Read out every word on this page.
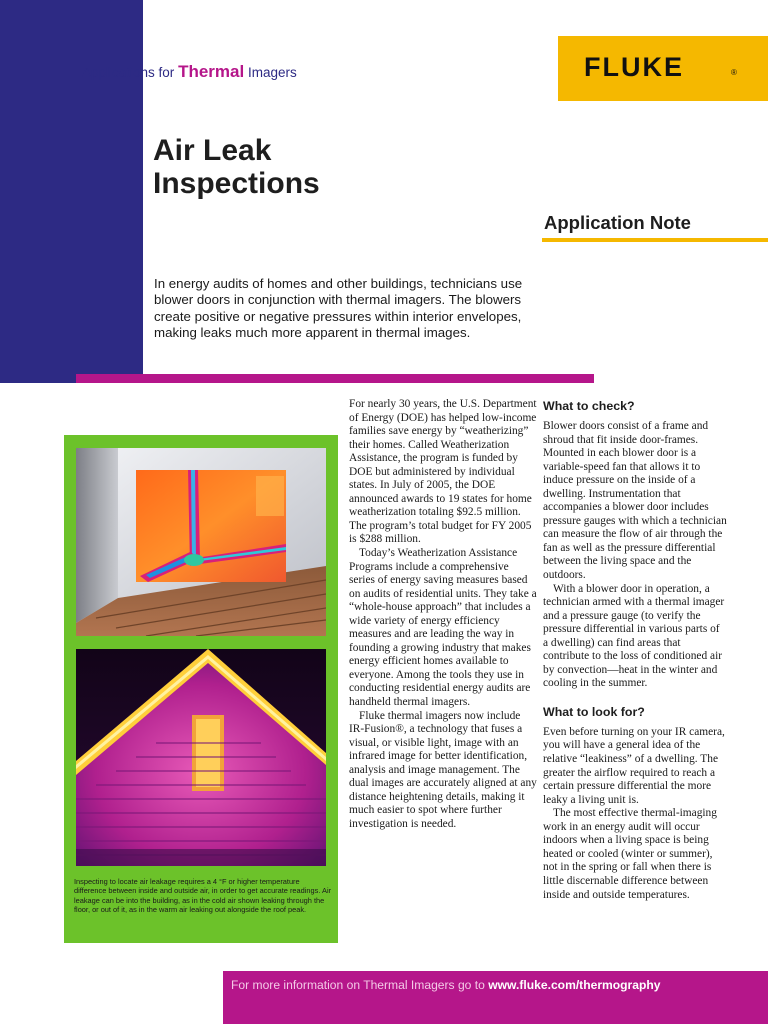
Applications for Thermal Imagers	FLUKE	®
Air Leak
Inspections
Application Note

In energy audits of homes and other buildings, technicians use blower doors in conjunction with thermal imagers. The blowers create positive or negative pressures within interior envelopes, making leaks much more apparent in thermal images.

Inspecting to locate air leakage requires a 4 °F or higher temperature difference between inside and outside air, in order to get accurate readings. Air leakage can be into the building, as in the cold air shown leaking through the floor, or out of it, as in the warm air leaking out alongside the roof peak.

For nearly 30 years, the U.S. Department of Energy (DOE) has helped low-income families save energy by “weatherizing” their homes. Called Weatherization Assistance, the program is funded by DOE but administered by individual states. In July of 2005, the DOE announced awards to 19 states for home weatherization totaling $92.5 million. The program’s total budget for FY 2005 is $288 million.

Today’s Weatherization Assistance Programs include a comprehensive series of energy saving measures based on audits of residential units. They take a “whole-house approach” that includes a wide variety of energy efficiency measures and are leading the way in founding a growing industry that makes energy efficient homes available to everyone. Among the tools they use in conducting residential energy audits are handheld thermal imagers.

Fluke thermal imagers now include IR-Fusion®, a technology that fuses a visual, or visible light, image with an infrared image for better identification, analysis and image management. The dual images are accurately aligned at any distance heightening details, making it much easier to spot where further investigation is needed.

What to check?

Blower doors consist of a frame and shroud that fit inside door-frames. Mounted in each blower door is a variable-speed fan that allows it to induce pressure on the inside of a dwelling. Instrumentation that accompanies a blower door includes pressure gauges with which a technician can measure the flow of air through the fan as well as the pressure differential between the living space and the outdoors.

With a blower door in operation, a technician armed with a thermal imager and a pressure gauge (to verify the pressure differential in various parts of a dwelling) can find areas that contribute to the loss of conditioned air by convection—heat in the winter and cooling in the summer.

What to look for?

Even before turning on your IR camera, you will have a general idea of the relative “leakiness” of a dwelling. The greater the airflow required to reach a certain pressure differential the more leaky a living unit is.

The most effective thermal-imaging work in an energy audit will occur indoors when a living space is being heated or cooled (winter or summer), not in the spring or fall when there is little discernable difference between inside and outside temperatures.

For more information on Thermal Imagers go to www.fluke.com/thermography
